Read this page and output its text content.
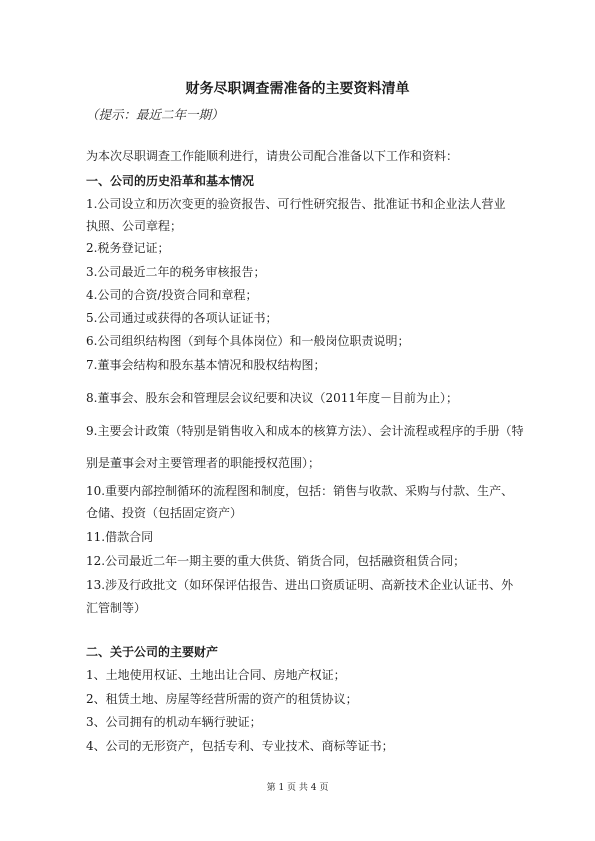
财务尽职调查需准备的主要资料清单
（提示：最近二年一期）
为本次尽职调查工作能顺利进行，请贵公司配合准备以下工作和资料：
一、公司的历史沿革和基本情况
1.公司设立和历次变更的验资报告、可行性研究报告、批准证书和企业法人营业
执照、公司章程；
2.税务登记证；
3.公司最近二年的税务审核报告；
4.公司的合资/投资合同和章程；
5.公司通过或获得的各项认证证书；
6.公司组织结构图（到每个具体岗位）和一般岗位职责说明；
7.董事会结构和股东基本情况和股权结构图；
8.董事会、股东会和管理层会议纪要和决议（2011年度－目前为止）；
9.主要会计政策（特别是销售收入和成本的核算方法）、会计流程或程序的手册（特
别是董事会对主要管理者的职能授权范围）；
10.重要内部控制循环的流程图和制度，包括：销售与收款、采购与付款、生产、
仓储、投资（包括固定资产）
11.借款合同
12.公司最近二年一期主要的重大供货、销货合同，包括融资租赁合同；
13.涉及行政批文（如环保评估报告、进出口资质证明、高新技术企业认证书、外
汇管制等）
二、关于公司的主要财产
1、土地使用权证、土地出让合同、房地产权证；
2、租赁土地、房屋等经营所需的资产的租赁协议；
3、公司拥有的机动车辆行驶证；
4、公司的无形资产，包括专利、专业技术、商标等证书；
第 1 页 共 4 页
